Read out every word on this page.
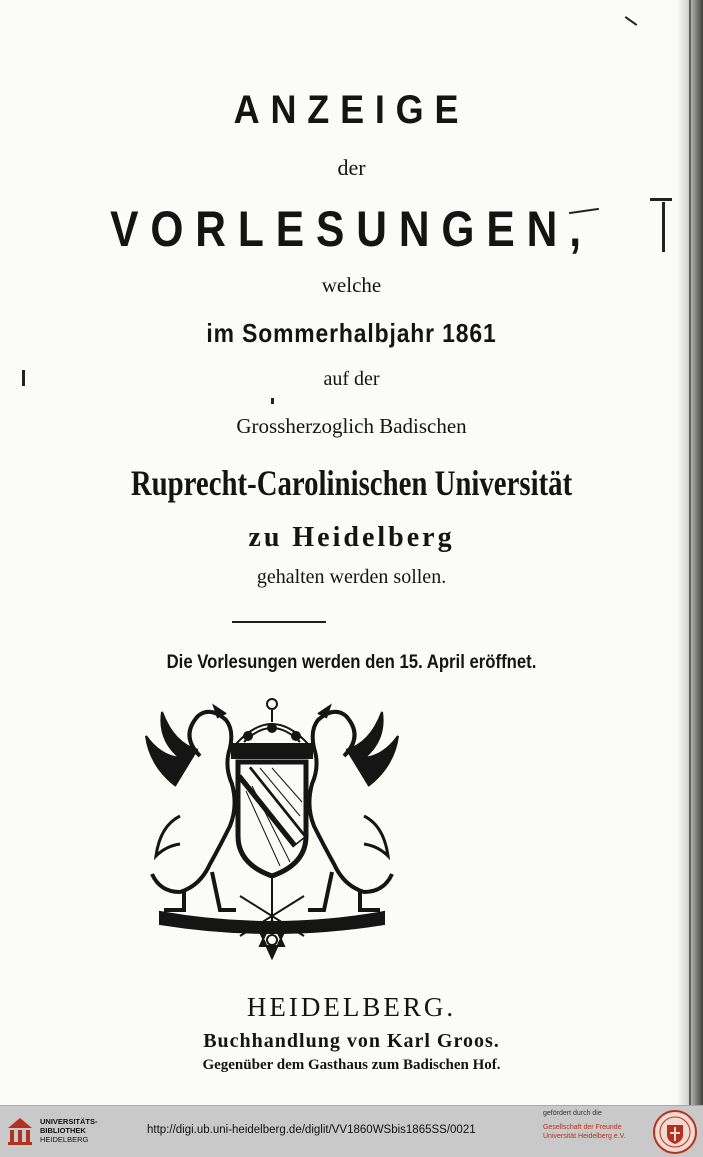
ANZEIGE
der
VORLESUNGEN,
welche
im Sommerhalbjahr 1861
auf der
Grossherzoglich Badischen
Ruprecht-Carolinischen Universität
zu Heidelberg
gehalten werden sollen.
Die Vorlesungen werden den 15. April eröffnet.
HEIDELBERG.
Buchhandlung von Karl Groos.
Gegenüber dem Gasthaus zum Badischen Hof.
UNIVERSITÄTS-
BIBLIOTHEK
HEIDELBERG
http://digi.ub.uni-heidelberg.de/diglit/VV1860WSbis1865SS/0021
gefördert durch die
Gesellschaft der Freunde
Universität Heidelberg e.V.
